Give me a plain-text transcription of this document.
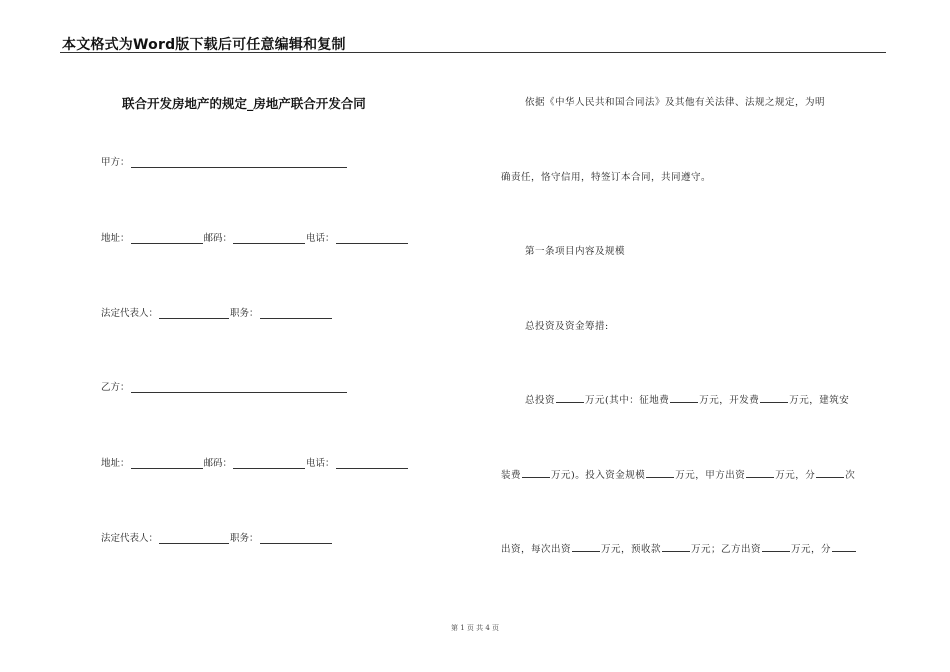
本文格式为Word版下载后可任意编辑和复制
联合开发房地产的规定_房地产联合开发合同
甲方：
地址：	邮码：	电话：
法定代表人：	职务：
乙方：
地址：	邮码：	电话：
法定代表人：	职务：
依据《中华人民共和国合同法》及其他有关法律、法规之规定，为明
确责任，恪守信用，特签订本合同，共同遵守。
第一条项目内容及规模
总投资及资金筹措:
总投资	万元(其中：征地费	万元，开发费	万元，建筑安
装费	万元)。投入资金规模	万元，甲方出资	万元，分	次
出资，每次出资	万元，预收款	万元；乙方出资	万元，分
第 1 页 共 4 页
